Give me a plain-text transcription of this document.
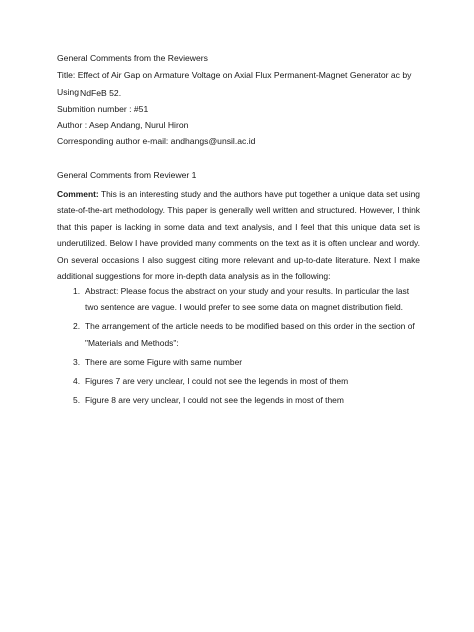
General Comments from the Reviewers
Title: Effect of Air Gap on Armature Voltage on Axial Flux Permanent-Magnet Generator ac by Using NdFeB 52.
Submition number : #51
Author : Asep Andang, Nurul Hiron
Corresponding author e-mail: andhangs@unsil.ac.id
General Comments from Reviewer 1
Comment: This is an interesting study and the authors have put together a unique data set using state-of-the-art methodology. This paper is generally well written and structured. However, I think that this paper is lacking in some data and text analysis, and I feel that this unique data set is underutilized. Below I have provided many comments on the text as it is often unclear and wordy. On several occasions I also suggest citing more relevant and up-to-date literature. Next I make additional suggestions for more in-depth data analysis as in the following:
1. Abstract: Please focus the abstract on your study and your results. In particular the last two sentence are vague. I would prefer to see some data on magnet distribution field.
2. The arrangement of the article needs to be modified based on this order in the section of "Materials and Methods":
3. There are some Figure with same number
4. Figures 7 are very unclear, I could not see the legends in most of them
5. Figure 8 are very unclear, I could not see the legends in most of them
